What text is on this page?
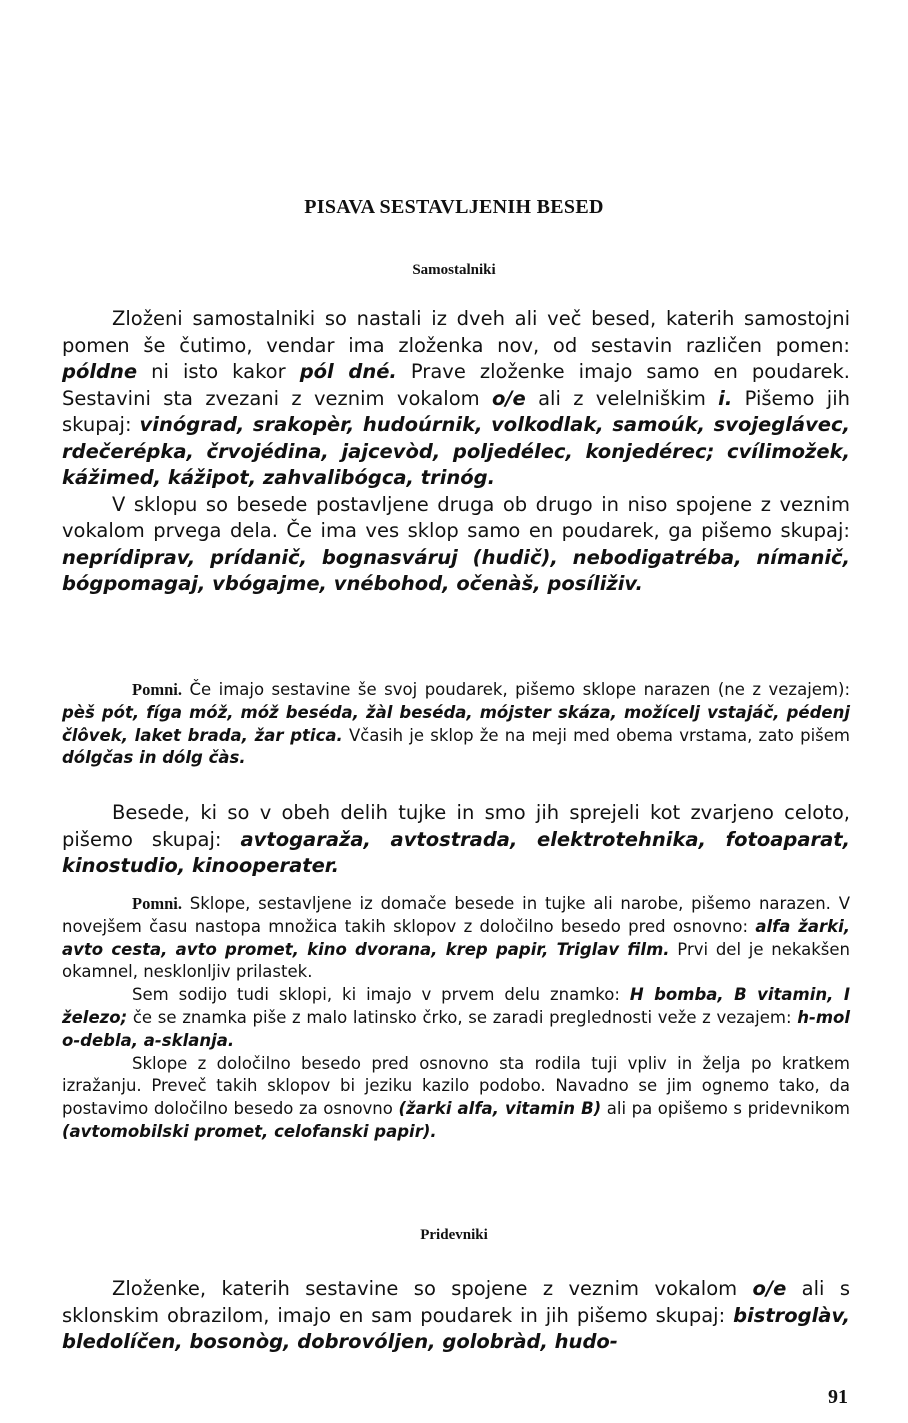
PISAVA SESTAVLJENIH BESED
Samostalniki

Zloženi samostalniki so nastali iz dveh ali več besed, katerih samostojni pomen še čutimo, vendar ima zloženka nov, od sestavin različen pomen: póldne ni isto kakor pól dné. Prave zloženke imajo samo en poudarek. Sestavini sta zvezani z veznim vokalom o/e ali z velelniškim i. Pišemo jih skupaj: vinógrad, srakopèr, hudoúrnik, volkodlak, samoúk, svojeglávec, rdečerépka, črvojédina, jajcevòd, poljedélec, konjedérec; cvílimožek, kážimed, kážipot, zahvalibógca, trinóg.

V sklopu so besede postavljene druga ob drugo in niso spojene z veznim vokalom prvega dela. Če ima ves sklop samo en poudarek, ga pišemo skupaj: neprídiprav, prídanič, bognasváruj (hudič), nebodigatréba, nímanič, bógpomagaj, vbógajme, vnébohod, očenàš, posíliživ.

Pomni. Če imajo sestavine še svoj poudarek, pišemo sklope narazen (ne z vezajem): pèš pót, fíga móž, móž beséda, žàl beséda, mójster skáza, možícelj vstajáč, pédenj člôvek, laket brada, žar ptica. Včasih je sklop že na meji med obema vrstama, zato pišem dólgčas in dólg čàs.

Besede, ki so v obeh delih tujke in smo jih sprejeli kot zvarjeno celoto, pišemo skupaj: avtogaraža, avtostrada, elektrotehnika, fotoaparat, kinostudio, kinooperater.

Pomni. Sklope, sestavljene iz domače besede in tujke ali narobe, pišemo narazen. V novejšem času nastopa množica takih sklopov z določilno besedo pred osnovno: alfa žarki, avto cesta, avto promet, kino dvorana, krep papir, Triglav film. Prvi del je nekakšen okamnel, nesklonljiv prilastek.

Sem sodijo tudi sklopi, ki imajo v prvem delu znamko: H bomba, B vitamin, I železo; če se znamka piše z malo latinsko črko, se zaradi preglednosti veže z vezajem: h-mol o-debla, a-sklanja.

Sklope z določilno besedo pred osnovno sta rodila tuji vpliv in želja po kratkem izražanju. Preveč takih sklopov bi jeziku kazilo podobo. Navadno se jim ognemo tako, da postavimo določilno besedo za osnovno (žarki alfa, vitamin B) ali pa opišemo s pridevnikom (avtomobilski promet, celofanski papir).

Pridevniki

Zloženke, katerih sestavine so spojene z veznim vokalom o/e ali s sklonskim obrazilom, imajo en sam poudarek in jih pišemo skupaj: bistroglàv, bledolíčen, bosonòg, dobrovóljen, golobràd, hudo-

91
